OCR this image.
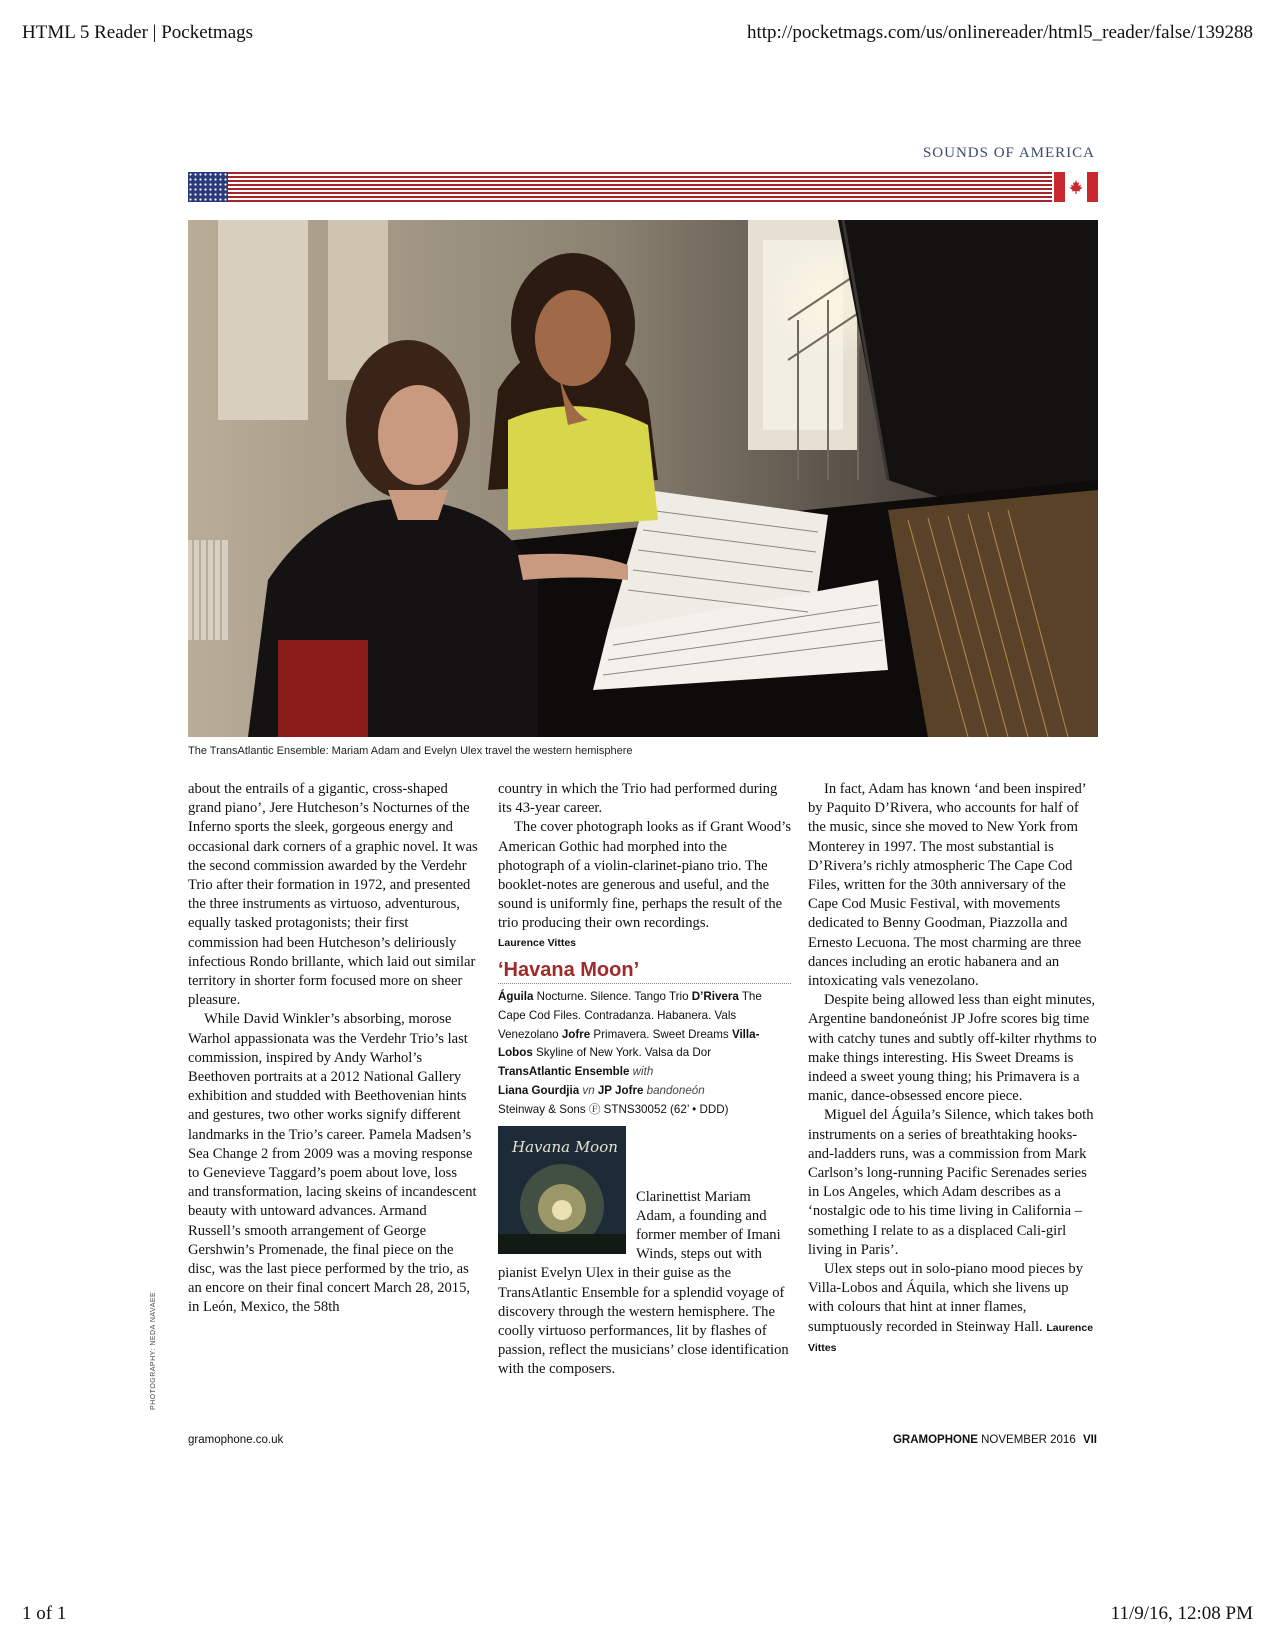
HTML 5 Reader | Pocketmags	http://pocketmags.com/us/onlinereader/html5_reader/false/139288
SOUNDS OF AMERICA
The TransAtlantic Ensemble: Mariam Adam and Evelyn Ulex travel the western hemisphere
PHOTOGRAPHY: NEDA NAVAEE

about the entrails of a gigantic, cross-shaped grand piano’, Jere Hutcheson’s Nocturnes of the Inferno sports the sleek, gorgeous energy and occasional dark corners of a graphic novel. It was the second commission awarded by the Verdehr Trio after their formation in 1972, and presented the three instruments as virtuoso, adventurous, equally tasked protagonists; their first commission had been Hutcheson’s deliriously infectious Rondo brillante, which laid out similar territory in shorter form focused more on sheer pleasure.

While David Winkler’s absorbing, morose Warhol appassionata was the Verdehr Trio’s last commission, inspired by Andy Warhol’s Beethoven portraits at a 2012 National Gallery exhibition and studded with Beethovenian hints and gestures, two other works signify different landmarks in the Trio’s career. Pamela Madsen’s Sea Change 2 from 2009 was a moving response to Genevieve Taggard’s poem about love, loss and transformation, lacing skeins of incandescent beauty with untoward advances. Armand Russell’s smooth arrangement of George Gershwin’s Promenade, the final piece on the disc, was the last piece performed by the trio, as an encore on their final concert March 28, 2015, in León, Mexico, the 58th

country in which the Trio had performed during its 43-year career.

The cover photograph looks as if Grant Wood’s American Gothic had morphed into the photograph of a violin-clarinet-piano trio. The booklet-notes are generous and useful, and the sound is uniformly fine, perhaps the result of the trio producing their own recordings.

Laurence Vittes
‘Havana Moon’
Águila Nocturne. Silence. Tango Trio D’Rivera The Cape Cod Files. Contradanza. Habanera. Vals Venezolano Jofre Primavera. Sweet Dreams Villa-Lobos Skyline of New York. Valsa da Dor
TransAtlantic Ensemble with
Liana Gourdjia vn JP Jofre bandoneón
Steinway & Sons Ⓕ STNS30052 (62’ • DDD)
Havana Moon

Clarinettist Mariam Adam, a founding and former member of Imani Winds, steps out with pianist Evelyn Ulex in their guise as the TransAtlantic Ensemble for a splendid voyage of discovery through the western hemisphere. The coolly virtuoso performances, lit by flashes of passion, reflect the musicians’ close identification with the composers.

In fact, Adam has known ‘and been inspired’ by Paquito D’Rivera, who accounts for half of the music, since she moved to New York from Monterey in 1997. The most substantial is D’Rivera’s richly atmospheric The Cape Cod Files, written for the 30th anniversary of the Cape Cod Music Festival, with movements dedicated to Benny Goodman, Piazzolla and Ernesto Lecuona. The most charming are three dances including an erotic habanera and an intoxicating vals venezolano.

Despite being allowed less than eight minutes, Argentine bandoneónist JP Jofre scores big time with catchy tunes and subtly off-kilter rhythms to make things interesting. His Sweet Dreams is indeed a sweet young thing; his Primavera is a manic, dance-obsessed encore piece.

Miguel del Águila’s Silence, which takes both instruments on a series of breathtaking hooks-and-ladders runs, was a commission from Mark Carlson’s long-running Pacific Serenades series in Los Angeles, which Adam describes as a ‘nostalgic ode to his time living in California – something I relate to as a displaced Cali-girl living in Paris’.

Ulex steps out in solo-piano mood pieces by Villa-Lobos and Áquila, which she livens up with colours that hint at inner flames, sumptuously recorded in Steinway Hall. Laurence Vittes

gramophone.co.uk	GRAMOPHONE NOVEMBER 2016 VII
1 of 1	11/9/16, 12:08 PM
